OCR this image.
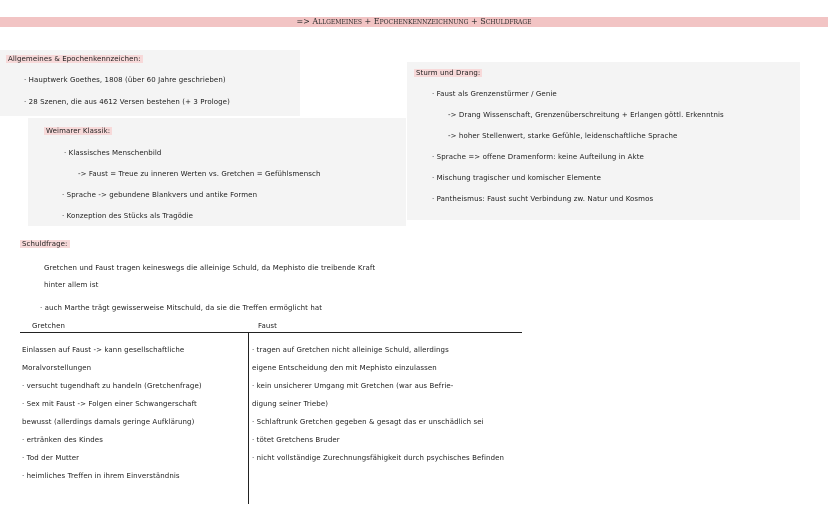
=> Allgemeines + Epochenkennzeichnung + Schuldfrage
Allgemeines & Epochenkennzeichen:
· Hauptwerk Goethes, 1808 (über 60 Jahre geschrieben)
· 28 Szenen, die aus 4612 Versen bestehen (+ 3 Prologe)
Weimarer Klassik:
· Klassisches Menschenbild
-> Faust = Treue zu inneren Werten vs. Gretchen = Gefühlsmensch
· Sprache -> gebundene Blankvers und antike Formen
· Konzeption des Stücks als Tragödie
Sturm und Drang:
· Faust als Grenzenstürmer / Genie
-> Drang Wissenschaft, Grenzenüberschreitung + Erlangen göttl. Erkenntnis
-> hoher Stellenwert, starke Gefühle, leidenschaftliche Sprache
· Sprache => offene Dramenform: keine Aufteilung in Akte
· Mischung tragischer und komischer Elemente
· Pantheismus: Faust sucht Verbindung zw. Natur und Kosmos
Schuldfrage:
Gretchen und Faust tragen keineswegs die alleinige Schuld, da Mephisto die treibende Kraft
hinter allem ist
· auch Marthe trägt gewisserweise Mitschuld, da sie die Treffen ermöglicht hat
Gretchen	Faust
Einlassen auf Faust -> kann gesellschaftliche
Moralvorstellungen
· versucht tugendhaft zu handeln (Gretchenfrage)
· Sex mit Faust -> Folgen einer Schwangerschaft
bewusst (allerdings damals geringe Aufklärung)
· ertränken des Kindes
· Tod der Mutter
· heimliches Treffen in ihrem Einverständnis
· tragen auf Gretchen nicht alleinige Schuld, allerdings
eigene Entscheidung den mit Mephisto einzulassen
· kein unsicherer Umgang mit Gretchen (war aus Befrie-
digung seiner Triebe)
· Schlaftrunk Gretchen gegeben & gesagt das er unschädlich sei
· tötet Gretchens Bruder
· nicht vollständige Zurechnungsfähigkeit durch psychisches Befinden
